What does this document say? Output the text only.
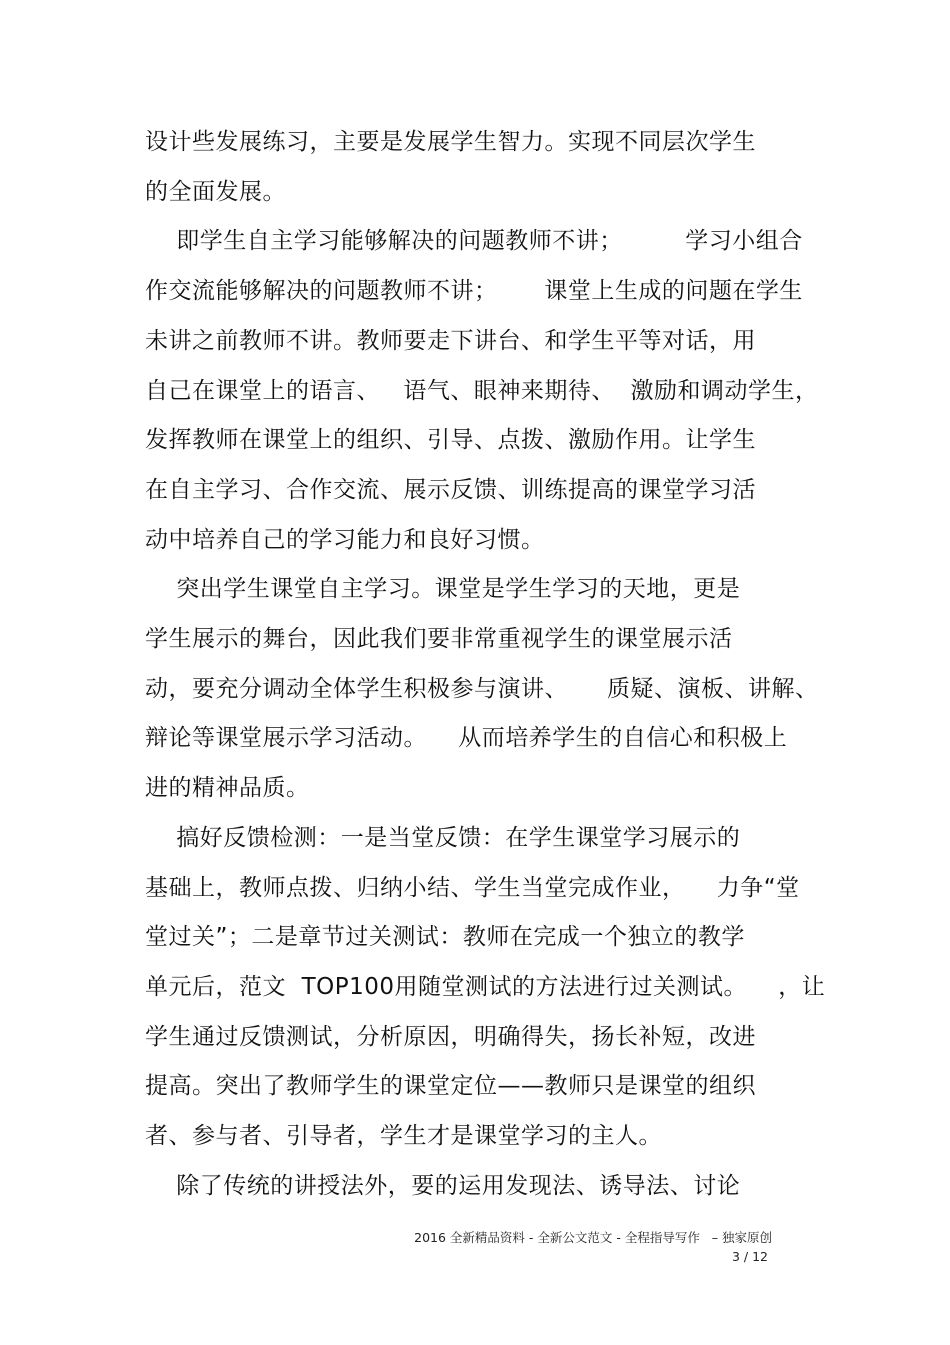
设计些发展练习，主要是发展学生智力。实现不同层次学生
的全面发展。
即学生自主学习能够解决的问题教师不讲；        学习小组合
作交流能够解决的问题教师不讲；      课堂上生成的问题在学生
未讲之前教师不讲。教师要走下讲台、和学生平等对话，用
自己在课堂上的语言、   语气、眼神来期待、  激励和调动学生，
发挥教师在课堂上的组织、引导、点拨、激励作用。让学生
在自主学习、合作交流、展示反馈、训练提高的课堂学习活
动中培养自己的学习能力和良好习惯。
突出学生课堂自主学习。课堂是学生学习的天地，更是
学生展示的舞台，因此我们要非常重视学生的课堂展示活
动，要充分调动全体学生积极参与演讲、     质疑、演板、讲解、
辩论等课堂展示学习活动。    从而培养学生的自信心和积极上
进的精神品质。
搞好反馈检测：一是当堂反馈：在学生课堂学习展示的
基础上，教师点拨、归纳小结、学生当堂完成作业，    力争“堂
堂过关”；二是章节过关测试：教师在完成一个独立的教学
单元后，范文  TOP100用随堂测试的方法进行过关测试。    ，让
学生通过反馈测试，分析原因，明确得失，扬长补短，改进
提高。突出了教师学生的课堂定位——教师只是课堂的组织
者、参与者、引导者，学生才是课堂学习的主人。
除了传统的讲授法外，要的运用发现法、诱导法、讨论
2016 全新精品资料 - 全新公文范文 - 全程指导写作   – 独家原创
3 / 12
